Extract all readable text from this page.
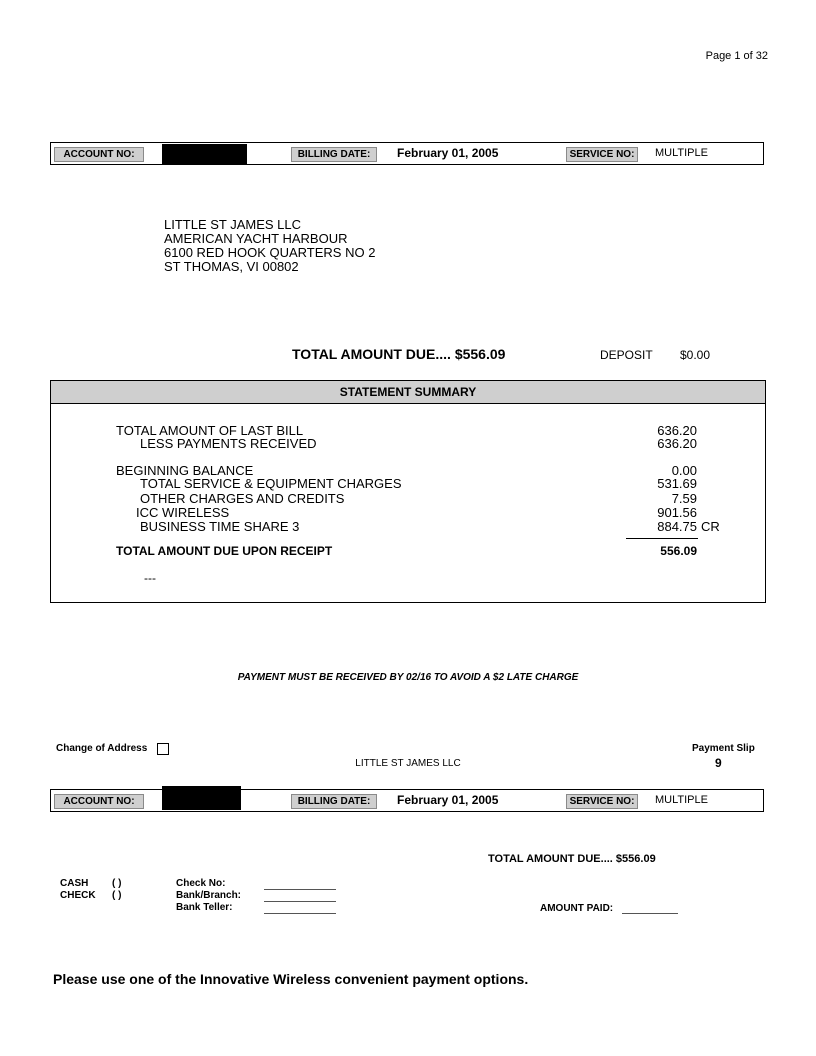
Page 1 of 32
ACCOUNT NO:	BILLING DATE:	February 01, 2005	SERVICE NO:	MULTIPLE
LITTLE ST JAMES LLC
AMERICAN YACHT HARBOUR
6100 RED HOOK QUARTERS NO 2
ST THOMAS, VI 00802
TOTAL AMOUNT DUE.... $556.09	DEPOSIT $0.00
STATEMENT SUMMARY
TOTAL AMOUNT OF LAST BILL	636.20
LESS PAYMENTS RECEIVED	636.20
BEGINNING BALANCE	0.00
TOTAL SERVICE & EQUIPMENT CHARGES	531.69
OTHER CHARGES AND CREDITS	7.59
ICC WIRELESS	901.56
BUSINESS TIME SHARE 3	884.75 CR
TOTAL AMOUNT DUE UPON RECEIPT	556.09
---
PAYMENT MUST BE RECEIVED BY 02/16 TO AVOID A $2 LATE CHARGE
Change of Address
LITTLE ST JAMES LLC
Payment Slip
9
ACCOUNT NO:	BILLING DATE:	February 01, 2005	SERVICE NO:	MULTIPLE
TOTAL AMOUNT DUE.... $556.09
CASH ( )
CHECK ( )
Check No:
Bank/Branch:
Bank Teller:	AMOUNT PAID:
Please use one of the Innovative Wireless convenient payment options.
